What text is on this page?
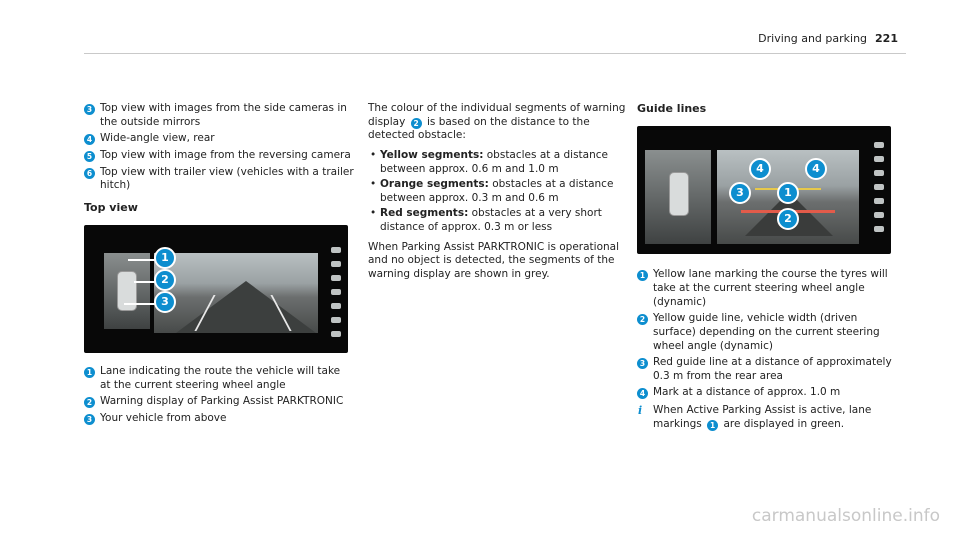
Driving and parking 221
3 Top view with images from the side cameras in the outside mirrors
4 Wide-angle view, rear
5 Top view with image from the reversing camera
6 Top view with trailer view (vehicles with a trailer hitch)
Top view
1
2
3
1 Lane indicating the route the vehicle will take at the current steering wheel angle
2 Warning display of Parking Assist PARKTRONIC
3 Your vehicle from above

The colour of the individual segments of warning display 2 is based on the distance to the detected obstacle:

• Yellow segments: obstacles at a distance between approx. 0.6 m and 1.0 m
• Orange segments: obstacles at a distance between approx. 0.3 m and 0.6 m
• Red segments: obstacles at a very short distance of approx. 0.3 m or less

When Parking Assist PARKTRONIC is operational and no object is detected, the segments of the warning display are shown in grey.

Guide lines
4	4
3	1
2
1 Yellow lane marking the course the tyres will take at the current steering wheel angle (dynamic)
2 Yellow guide line, vehicle width (driven surface) depending on the current steering wheel angle (dynamic)
3 Red guide line at a distance of approximately 0.3 m from the rear area
4 Mark at a distance of approx. 1.0 m
i	When Active Parking Assist is active, lane markings 1 are displayed in green.
carmanualsonline.info
